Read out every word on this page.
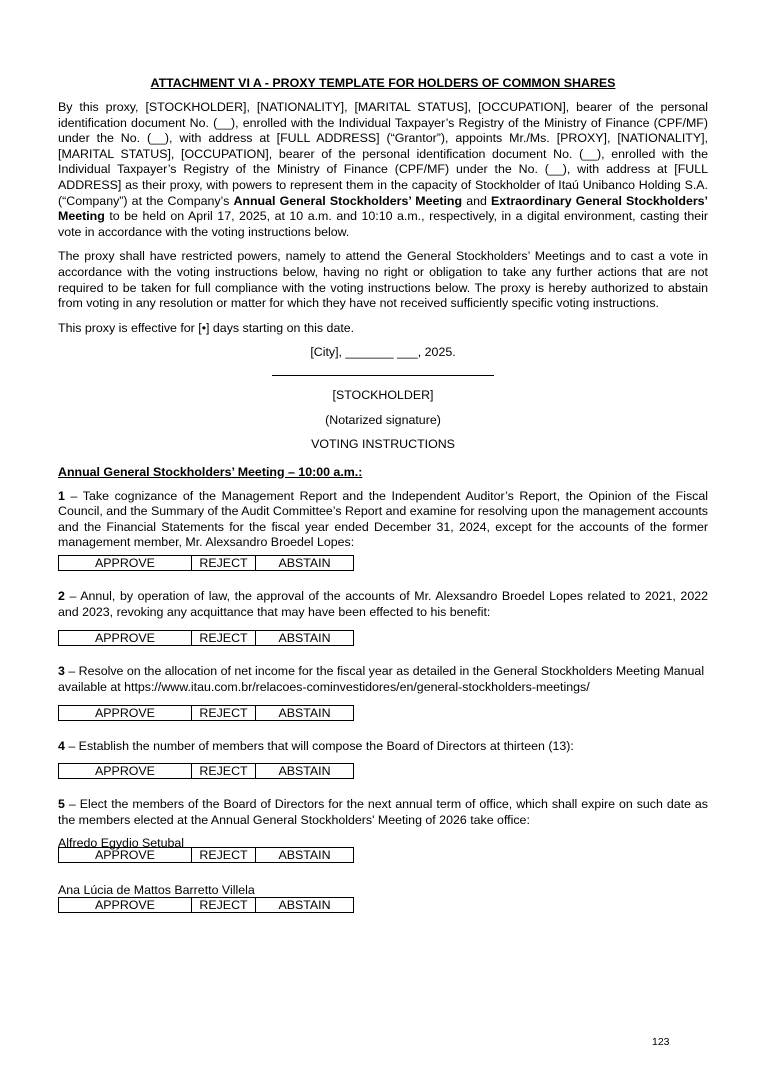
ATTACHMENT VI A - PROXY TEMPLATE FOR HOLDERS OF COMMON SHARES

By this proxy, [STOCKHOLDER], [NATIONALITY], [MARITAL STATUS], [OCCUPATION], bearer of the personal identification document No. (__), enrolled with the Individual Taxpayer’s Registry of the Ministry of Finance (CPF/MF) under the No. (__), with address at [FULL ADDRESS] (“Grantor”), appoints Mr./Ms. [PROXY], [NATIONALITY], [MARITAL STATUS], [OCCUPATION], bearer of the personal identification document No. (__), enrolled with the Individual Taxpayer’s Registry of the Ministry of Finance (CPF/MF) under the No. (__), with address at [FULL ADDRESS] as their proxy, with powers to represent them in the capacity of Stockholder of Itaú Unibanco Holding S.A. (“Company”) at the Company’s Annual General Stockholders’ Meeting and Extraordinary General Stockholders’ Meeting to be held on April 17, 2025, at 10 a.m. and 10:10 a.m., respectively, in a digital environment, casting their vote in accordance with the voting instructions below.

The proxy shall have restricted powers, namely to attend the General Stockholders’ Meetings and to cast a vote in accordance with the voting instructions below, having no right or obligation to take any further actions that are not required to be taken for full compliance with the voting instructions below. The proxy is hereby authorized to abstain from voting in any resolution or matter for which they have not received sufficiently specific voting instructions.

This proxy is effective for [•] days starting on this date.

[City], _______ ___, 2025.

[STOCKHOLDER]

(Notarized signature)

VOTING INSTRUCTIONS

Annual General Stockholders’ Meeting – 10:00 a.m.:

1 – Take cognizance of the Management Report and the Independent Auditor’s Report, the Opinion of the Fiscal Council, and the Summary of the Audit Committee’s Report and examine for resolving upon the management accounts and the Financial Statements for the fiscal year ended December 31, 2024, except for the accounts of the former management member, Mr. Alexsandro Broedel Lopes:

APPROVE	REJECT	ABSTAIN

2 – Annul, by operation of law, the approval of the accounts of Mr. Alexsandro Broedel Lopes related to 2021, 2022 and 2023, revoking any acquittance that may have been effected to his benefit:

APPROVE	REJECT	ABSTAIN

3 – Resolve on the allocation of net income for the fiscal year as detailed in the General Stockholders Meeting Manual available at https://www.itau.com.br/relacoes-cominvestidores/en/general-stockholders-meetings/

APPROVE	REJECT	ABSTAIN

4 – Establish the number of members that will compose the Board of Directors at thirteen (13):

APPROVE	REJECT	ABSTAIN

5 – Elect the members of the Board of Directors for the next annual term of office, which shall expire on such date as the members elected at the Annual General Stockholders' Meeting of 2026 take office:

Alfredo Egydio Setubal

APPROVE	REJECT	ABSTAIN

Ana Lúcia de Mattos Barretto Villela

APPROVE	REJECT	ABSTAIN
123
